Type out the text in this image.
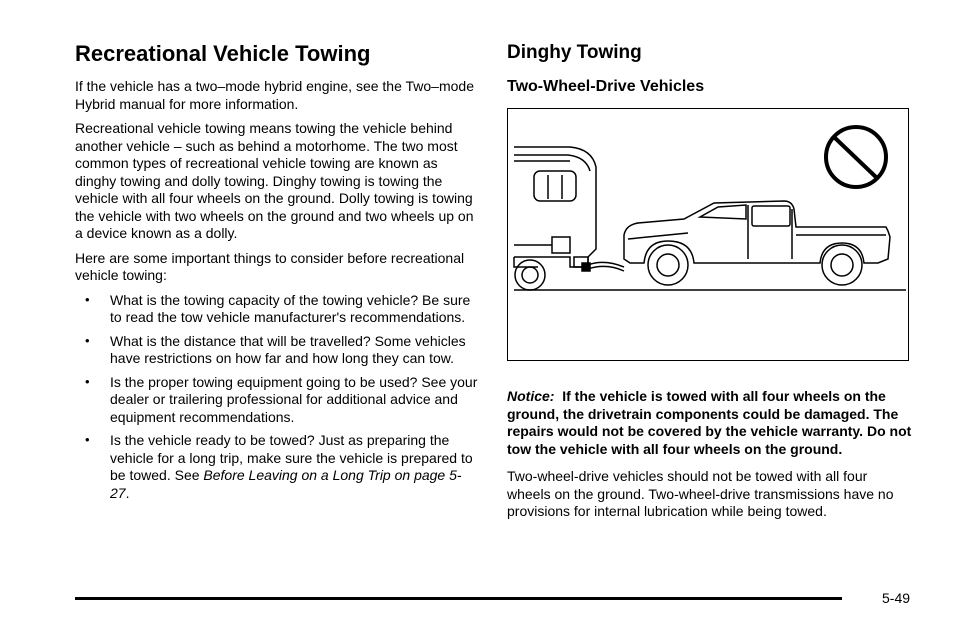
Recreational Vehicle Towing

If the vehicle has a two–mode hybrid engine, see the Two–mode Hybrid manual for more information.

Recreational vehicle towing means towing the vehicle behind another vehicle – such as behind a motorhome. The two most common types of recreational vehicle towing are known as dinghy towing and dolly towing. Dinghy towing is towing the vehicle with all four wheels on the ground. Dolly towing is towing the vehicle with two wheels on the ground and two wheels up on a device known as a dolly.

Here are some important things to consider before recreational vehicle towing:

• What is the towing capacity of the towing vehicle? Be sure to read the tow vehicle manufacturer's recommendations.
• What is the distance that will be travelled? Some vehicles have restrictions on how far and how long they can tow.
• Is the proper towing equipment going to be used? See your dealer or trailering professional for additional advice and equipment recommendations.
• Is the vehicle ready to be towed? Just as preparing the vehicle for a long trip, make sure the vehicle is prepared to be towed. See Before Leaving on a Long Trip on page 5-27.
Dinghy Towing
Two-Wheel-Drive Vehicles

Notice: If the vehicle is towed with all four wheels on the ground, the drivetrain components could be damaged. The repairs would not be covered by the vehicle warranty. Do not tow the vehicle with all four wheels on the ground.

Two-wheel-drive vehicles should not be towed with all four wheels on the ground. Two-wheel-drive transmissions have no provisions for internal lubrication while being towed.

5-49
